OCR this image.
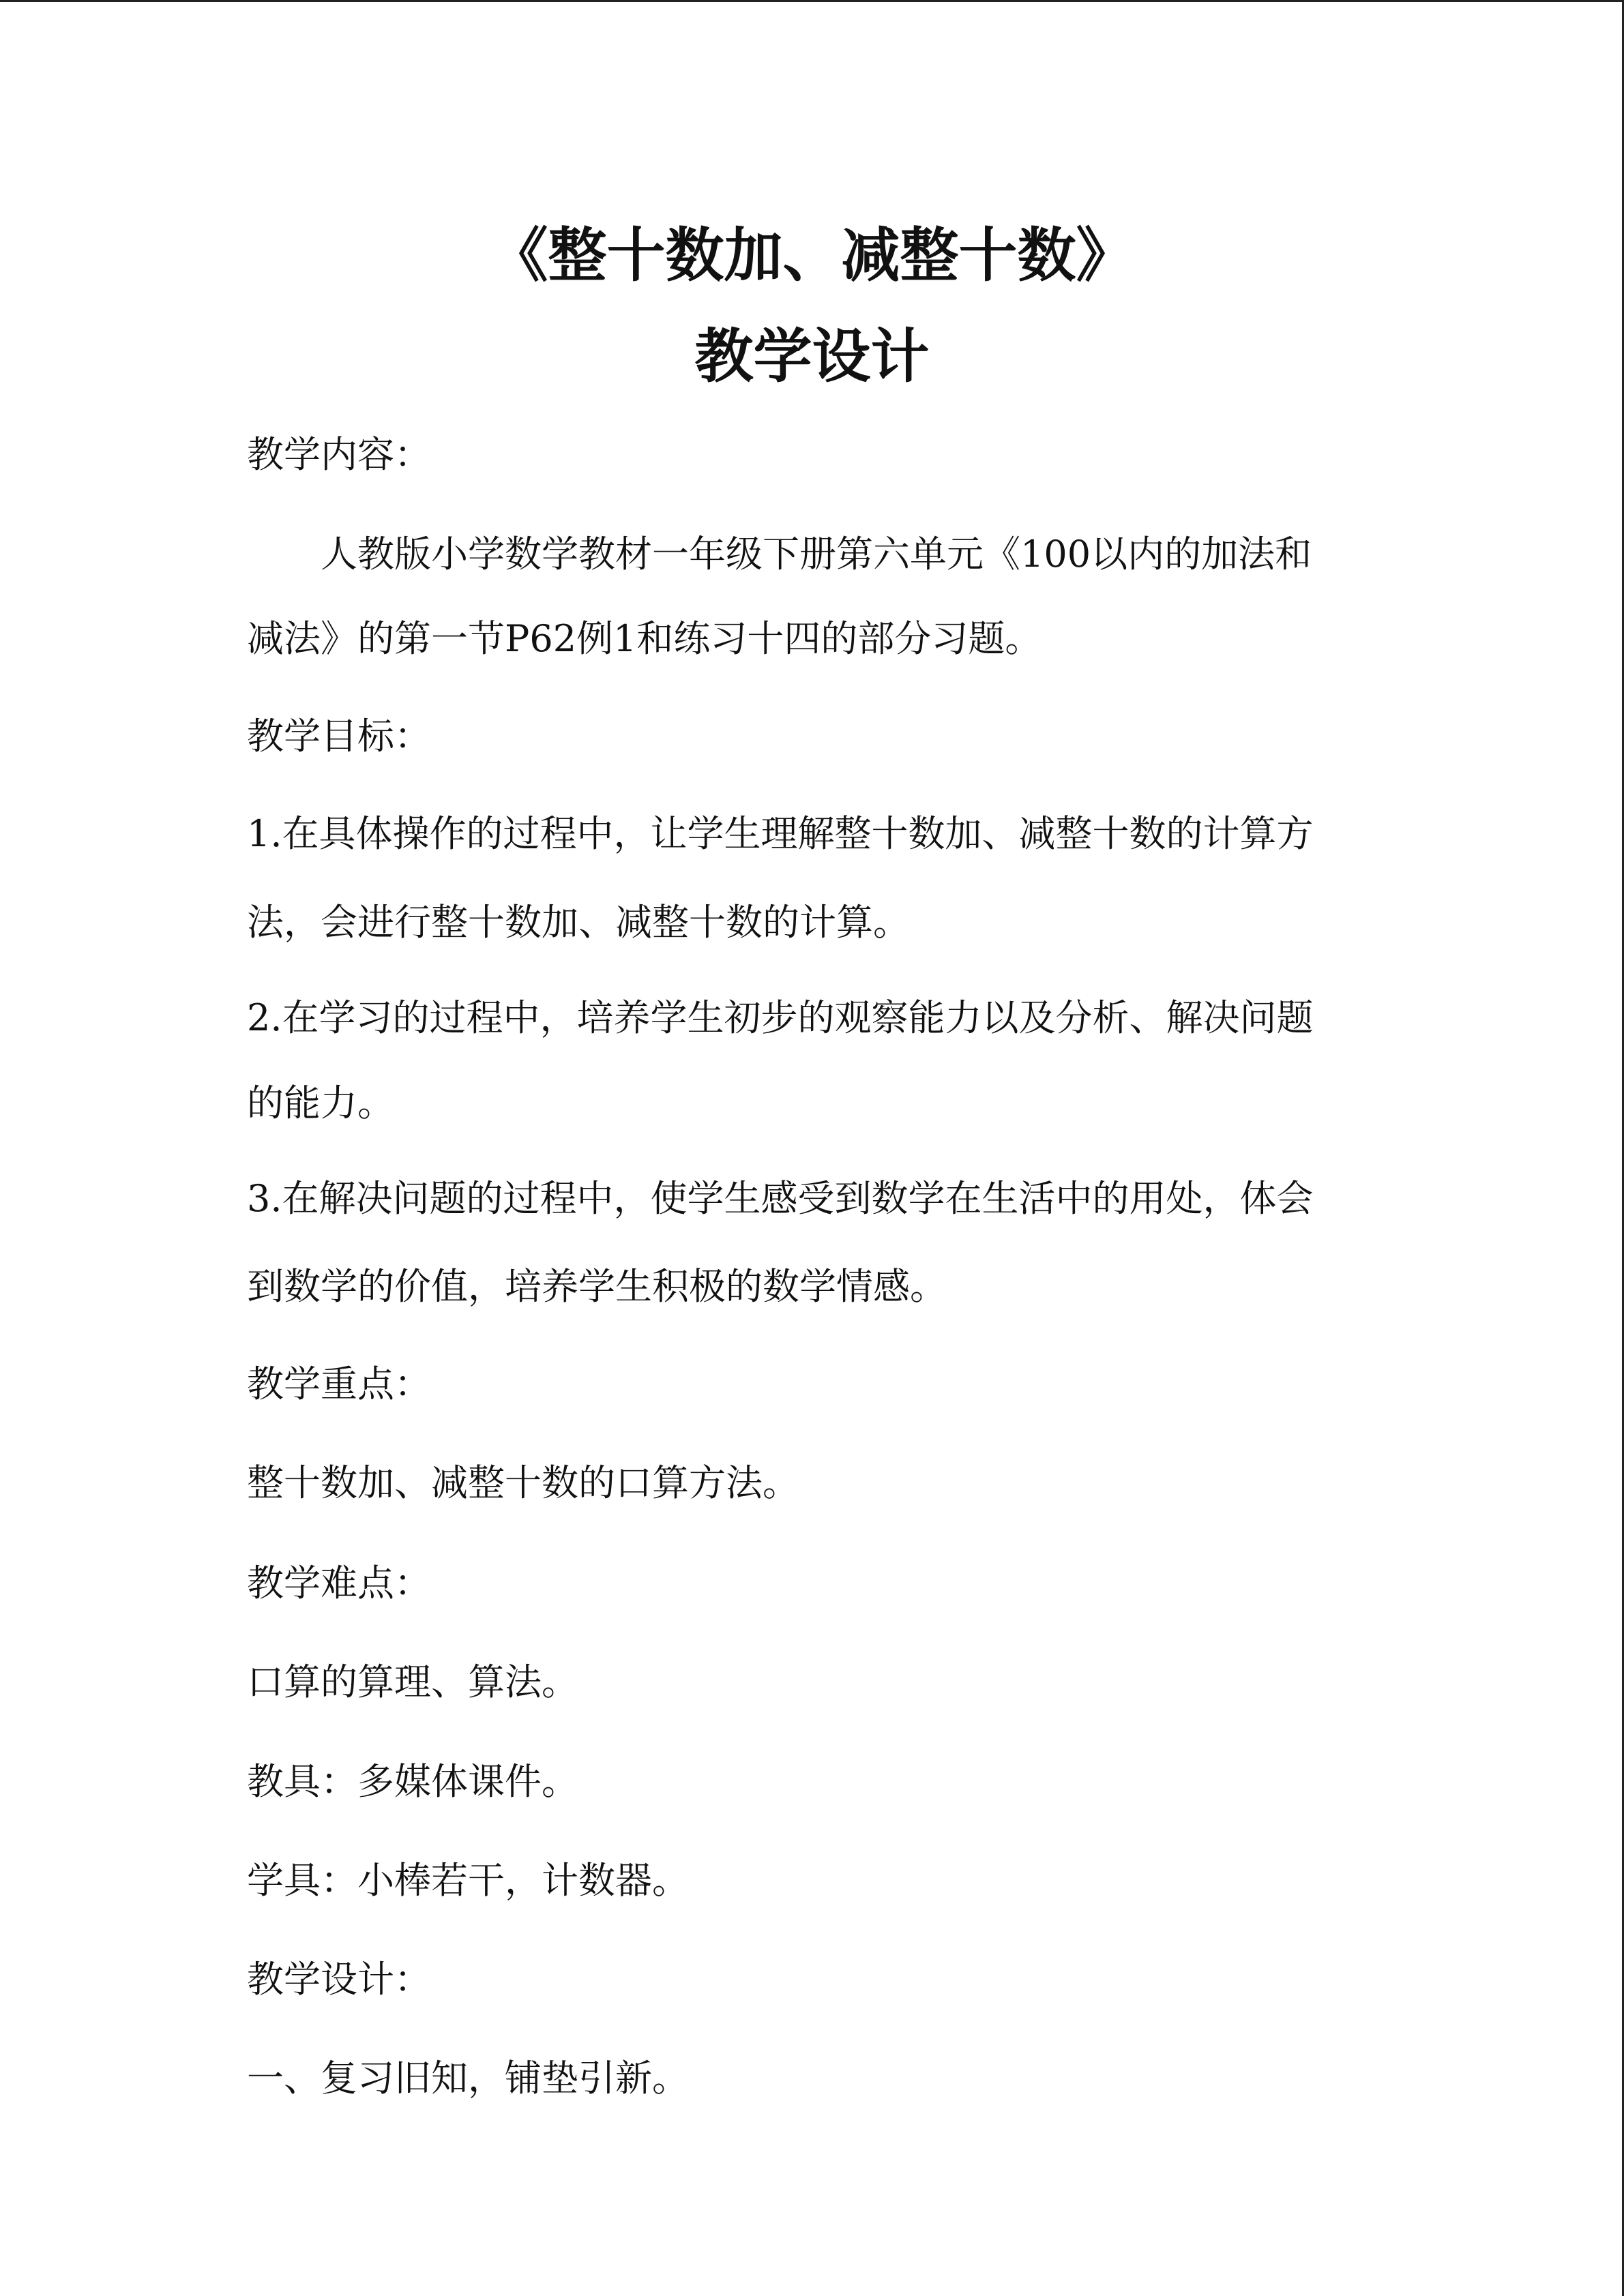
《整十数加、减整十数》
教学设计
教学内容：
人教版小学数学教材一年级下册第六单元《100以内的加法和
减法》的第一节P62例1和练习十四的部分习题。
教学目标：
1.在具体操作的过程中，让学生理解整十数加、减整十数的计算方
法，会进行整十数加、减整十数的计算。
2.在学习的过程中，培养学生初步的观察能力以及分析、解决问题
的能力。
3.在解决问题的过程中，使学生感受到数学在生活中的用处，体会
到数学的价值，培养学生积极的数学情感。
教学重点：
整十数加、减整十数的口算方法。
教学难点：
口算的算理、算法。
教具：多媒体课件。
学具：小棒若干，计数器。
教学设计：
一、复习旧知，铺垫引新。
